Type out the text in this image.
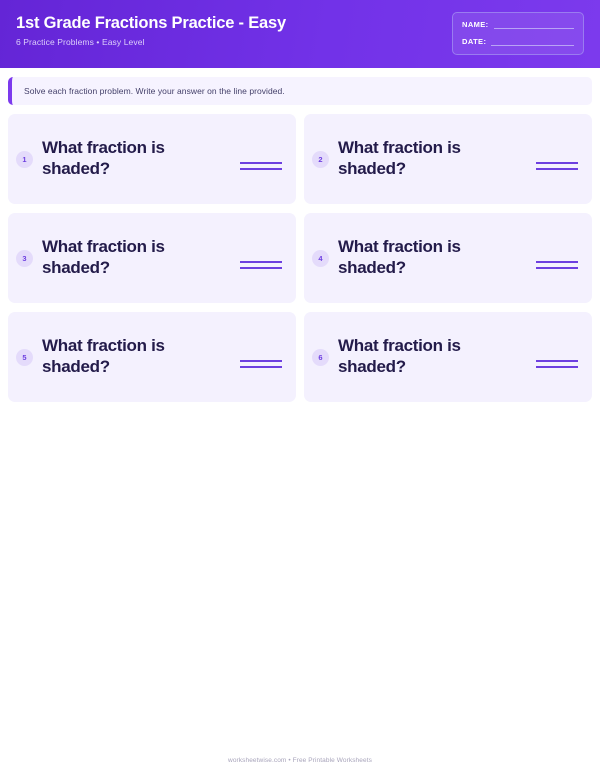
1st Grade Fractions Practice - Easy
6 Practice Problems • Easy Level
NAME:
DATE:
Solve each fraction problem. Write your answer on the line provided.
1
What fraction is shaded?	2
What fraction is shaded?
3
What fraction is shaded?	4
What fraction is shaded?
5
What fraction is shaded?	6
What fraction is shaded?
worksheetwise.com • Free Printable Worksheets
